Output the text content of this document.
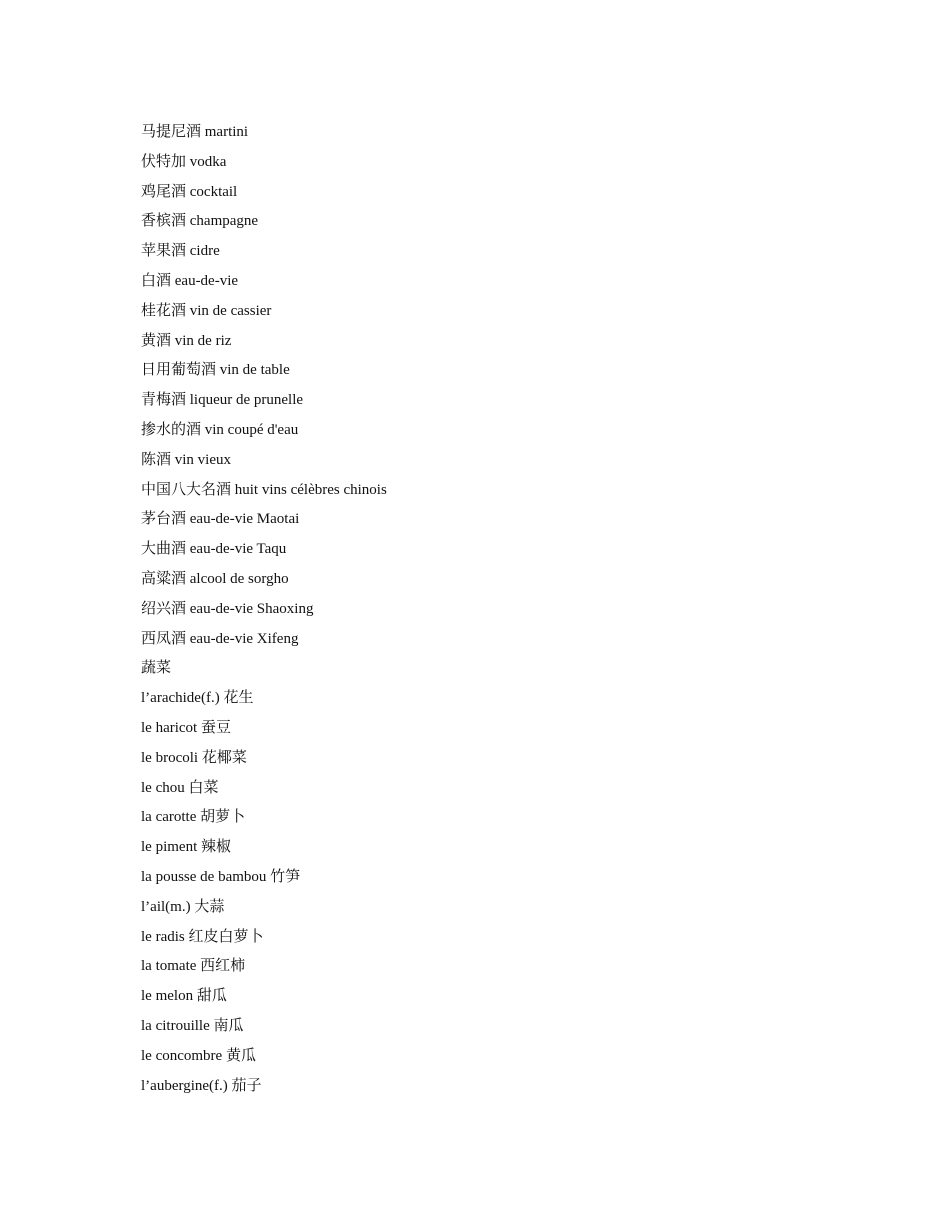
马提尼酒 martini
伏特加 vodka
鸡尾酒 cocktail
香槟酒 champagne
苹果酒 cidre
白酒 eau-de-vie
桂花酒 vin de cassier
黄酒 vin de riz
日用葡萄酒 vin de table
青梅酒 liqueur de prunelle
掺水的酒 vin coupé d'eau
陈酒 vin vieux
中国八大名酒 huit vins célèbres chinois
茅台酒 eau-de-vie Maotai
大曲酒 eau-de-vie Taqu
高粱酒 alcool de sorgho
绍兴酒 eau-de-vie Shaoxing
西凤酒 eau-de-vie Xifeng
蔬菜
l’arachide(f.) 花生
le haricot 蚕豆
le brocoli 花椰菜
le chou 白菜
la carotte 胡萝卜
le piment 辣椒
la pousse de bambou 竹笋
l’ail(m.) 大蒜
le radis 红皮白萝卜
la tomate 西红柿
le melon 甜瓜
la citrouille 南瓜
le concombre 黄瓜
l’aubergine(f.) 茄子
